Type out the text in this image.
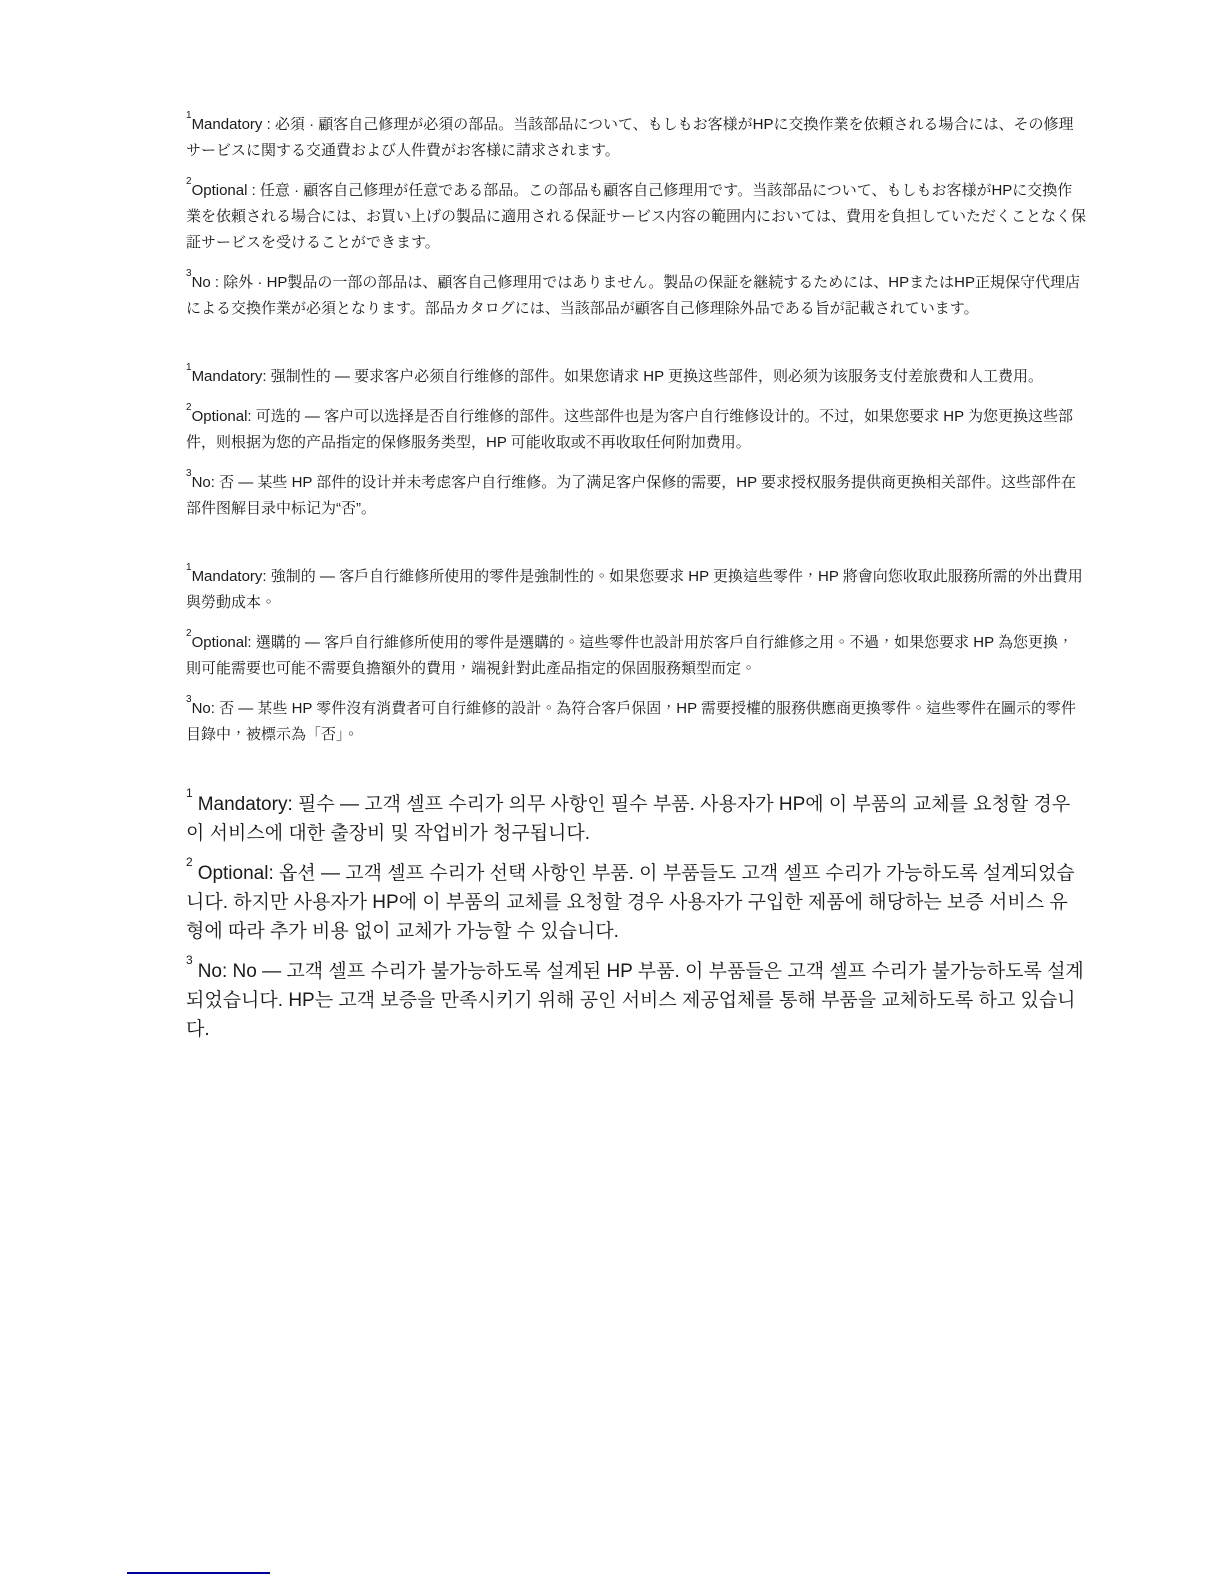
$^1$Mandatory : 必須 · 顧客自己修理が必須の部品。当該部品について、もしもお客様がHPに交換作業を依頼される場合には、その修理サービスに関する交通費および人件費がお客様に請求されます。

$^2$Optional : 任意 · 顧客自己修理が任意である部品。この部品も顧客自己修理用です。当該部品について、もしもお客様がHPに交換作業を依頼される場合には、お買い上げの製品に適用される保証サービス内容の範囲内においては、費用を負担していただくことなく保証サービスを受けることができます。

$^3$No : 除外 · HP製品の一部の部品は、顧客自己修理用ではありません。製品の保証を継続するためには、HPまたはHP正規保守代理店による交換作業が必須となります。部品カタログには、当該部品が顧客自己修理除外品である旨が記載されています。

$^1$Mandatory: 强制性的 — 要求客户必须自行维修的部件。如果您请求 HP 更换这些部件，则必须为该服务支付差旅费和人工费用。

$^2$Optional: 可选的 — 客户可以选择是否自行维修的部件。这些部件也是为客户自行维修设计的。不过，如果您要求 HP 为您更换这些部件，则根据为您的产品指定的保修服务类型，HP 可能收取或不再收取任何附加费用。

$^3$No: 否 — 某些 HP 部件的设计并未考虑客户自行维修。为了满足客户保修的需要，HP 要求授权服务提供商更换相关部件。这些部件在部件图解目录中标记为“否”。

$^1$Mandatory: 強制的 — 客戶自行維修所使用的零件是強制性的。如果您要求 HP 更換這些零件，HP 將會向您收取此服務所需的外出費用與勞動成本。

$^2$Optional: 選購的 — 客戶自行維修所使用的零件是選購的。這些零件也設計用於客戶自行維修之用。不過，如果您要求 HP 為您更換，則可能需要也可能不需要負擔額外的費用，端視針對此產品指定的保固服務類型而定。

$^3$No: 否 — 某些 HP 零件沒有消費者可自行維修的設計。為符合客戶保固，HP 需要授權的服務供應商更換零件。這些零件在圖示的零件目錄中，被標示為「否」。

$^1$Mandatory: 필수 — 고객 셀프 수리가 의무 사항인 필수 부품. 사용자가 HP에 이 부품의 교체를 요청할 경우 이 서비스에 대한 출장비 및 작업비가 청구됩니다.

$^2$Optional: 옵션 — 고객 셀프 수리가 선택 사항인 부품. 이 부품들도 고객 셀프 수리가 가능하도록 설계되었습니다. 하지만 사용자가 HP에 이 부품의 교체를 요청할 경우 사용자가 구입한 제품에 해당하는 보증 서비스 유형에 따라 추가 비용 없이 교체가 가능할 수 있습니다.

$^3$No: No — 고객 셀프 수리가 불가능하도록 설계된 HP 부품. 이 부품들은 고객 셀프 수리가 불가능하도록 설계되었습니다. HP는 고객 보증을 만족시키기 위해 공인 서비스 제공업체를 통해 부품을 교체하도록 하고 있습니다.
